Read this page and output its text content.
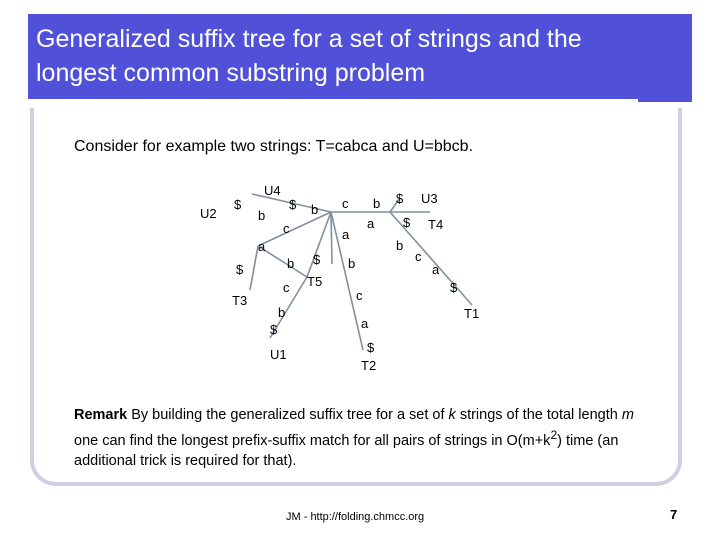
Generalized suffix tree for a set of strings and the
longest common substring problem
Consider for example two strings: T=cabca and U=bbcb.
U4
U2
$
b
$ b
c
c
a
b
a
$ U3
$ T4
a	b
c
a
$	b $ b
T5
c	$
T3	c
b	T1
a
$
$
U1
T2
Remark By building the generalized suffix tree for a set of k strings of the total length m one can find the longest prefix-suffix match for all pairs of strings in $O(m+k^2)$ time (an additional trick is required for that).
JM - http://folding.chmcc.org	7
